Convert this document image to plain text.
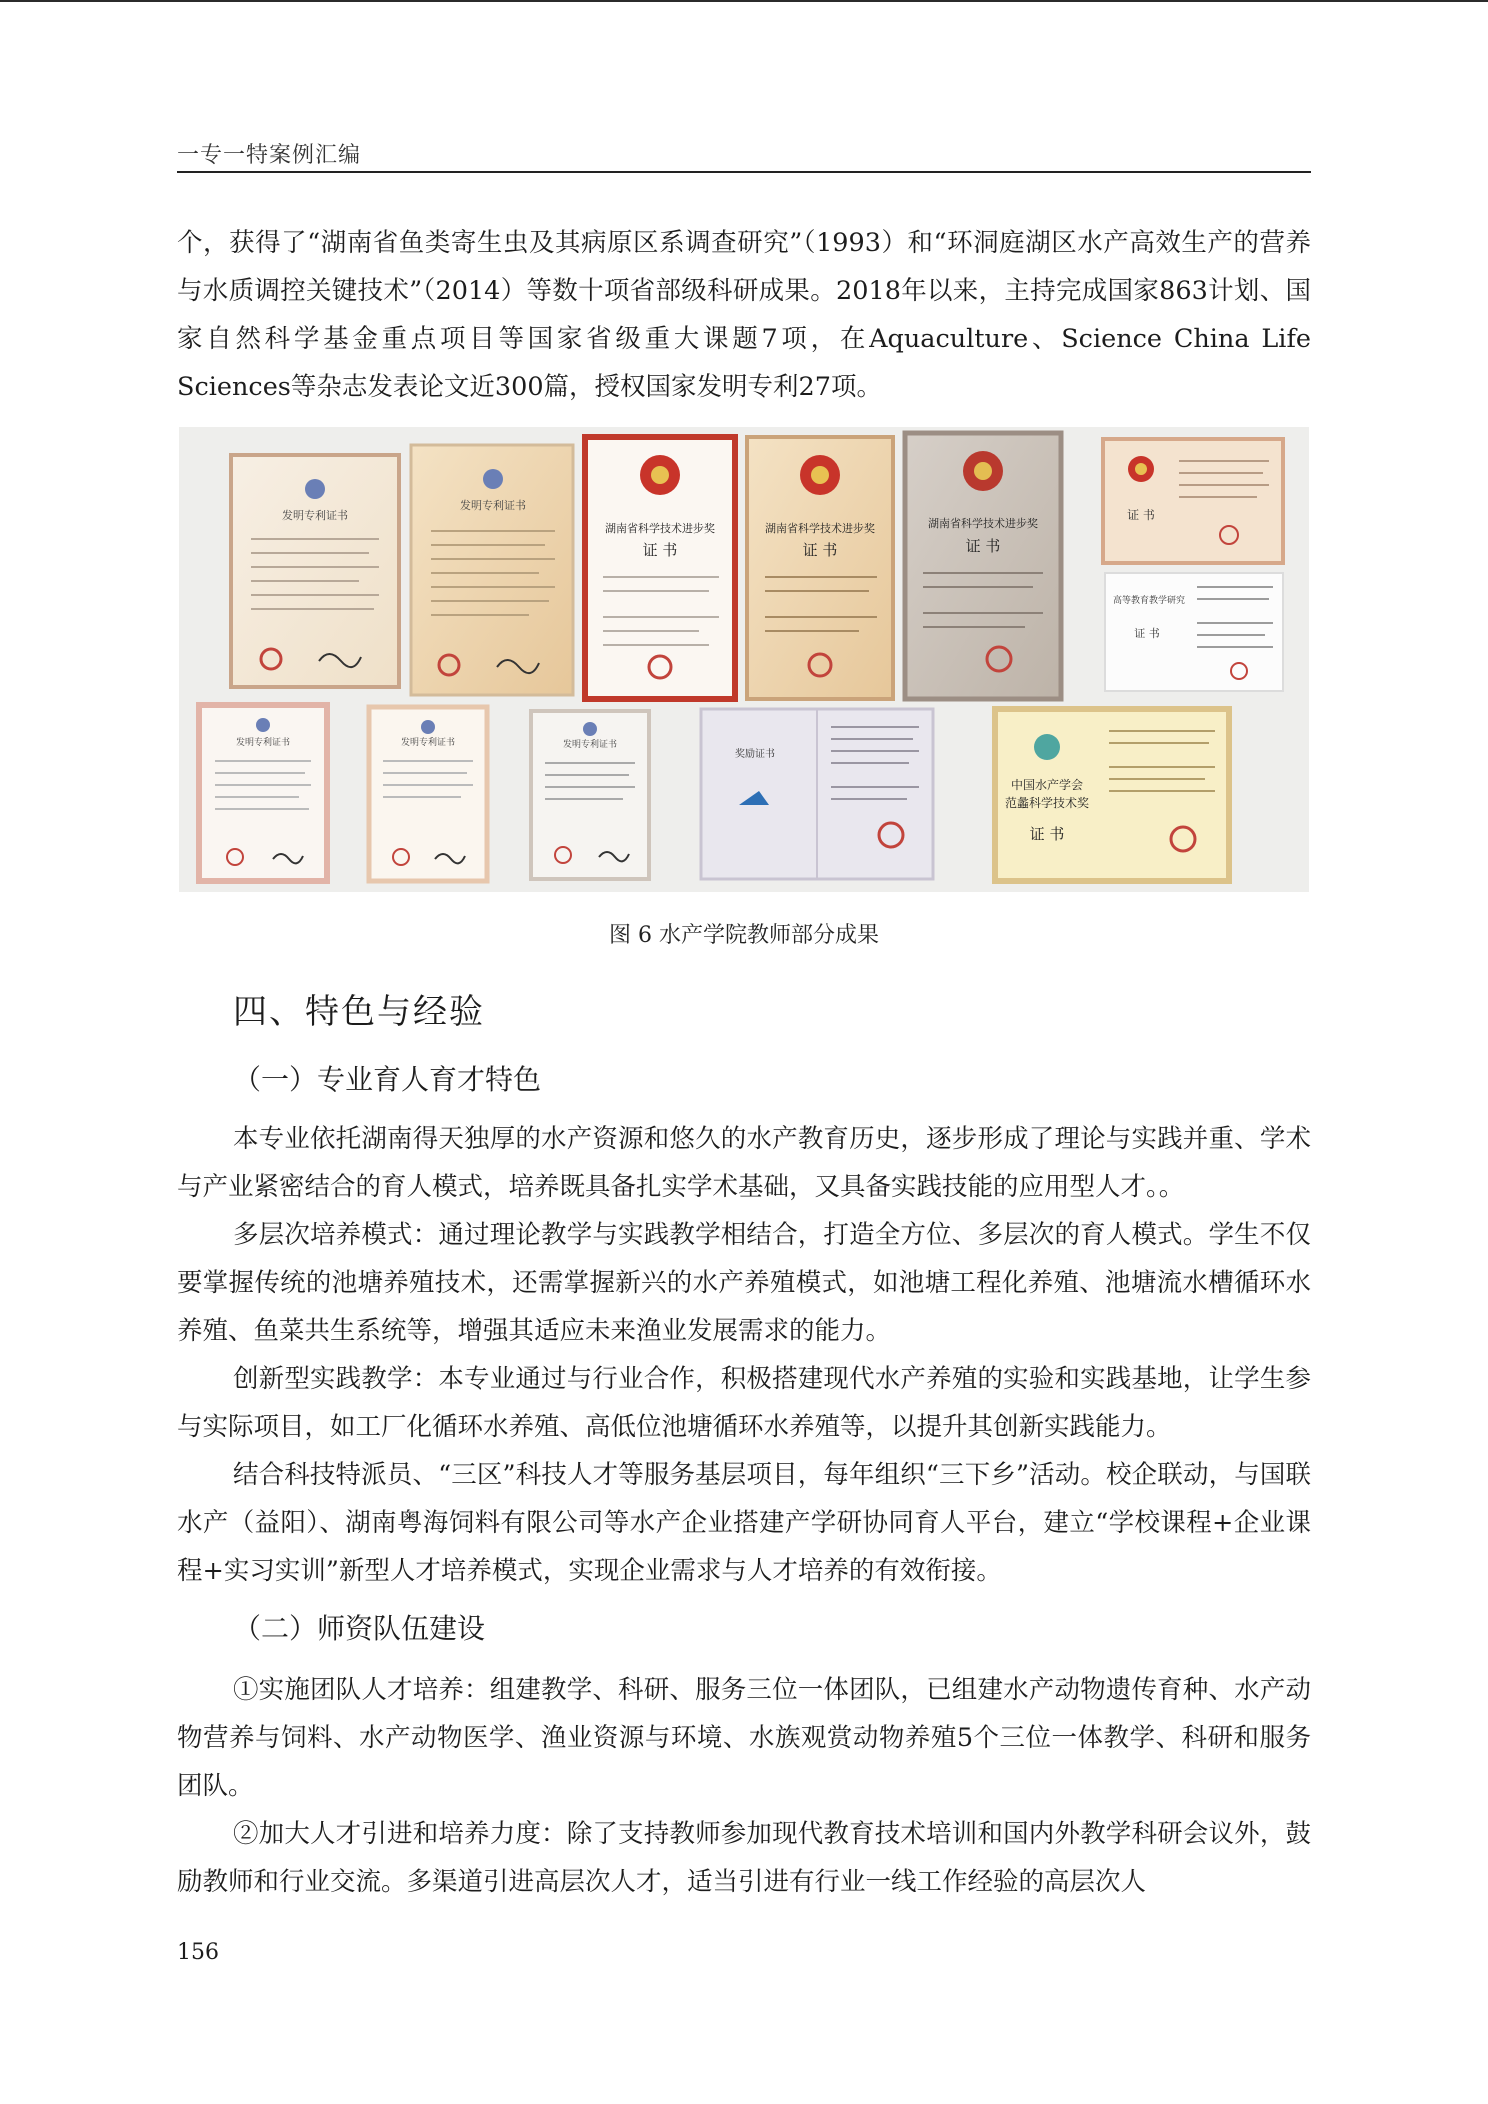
一专一特案例汇编

个，获得了“湖南省鱼类寄生虫及其病原区系调查研究”（1993）和“环洞庭湖区水产高效生产的营养与水质调控关键技术”（2014）等数十项省部级科研成果。2018年以来，主持完成国家863计划、国家自然科学基金重点项目等国家省级重大课题7项，在Aquaculture、Science China Life Sciences等杂志发表论文近300篇，授权国家发明专利27项。

发明专利证书
发明专利证书
湖南省科学技术进步奖
证 书
湖南省科学技术进步奖
证 书
湖南省科学技术进步奖
证 书
证 书
高等教育教学研究
证 书
发明专利证书	发明专利证书	发明专利证书
奖励证书
中国水产学会
范蠡科学技术奖
证 书
图 6 水产学院教师部分成果
四、特色与经验
（一）专业育人育才特色

本专业依托湖南得天独厚的水产资源和悠久的水产教育历史，逐步形成了理论与实践并重、学术与产业紧密结合的育人模式，培养既具备扎实学术基础，又具备实践技能的应用型人才。。

多层次培养模式：通过理论教学与实践教学相结合，打造全方位、多层次的育人模式。学生不仅要掌握传统的池塘养殖技术，还需掌握新兴的水产养殖模式，如池塘工程化养殖、池塘流水槽循环水养殖、鱼菜共生系统等，增强其适应未来渔业发展需求的能力。

创新型实践教学：本专业通过与行业合作，积极搭建现代水产养殖的实验和实践基地，让学生参与实际项目，如工厂化循环水养殖、高低位池塘循环水养殖等，以提升其创新实践能力。

结合科技特派员、“三区”科技人才等服务基层项目，每年组织“三下乡”活动。校企联动，与国联水产（益阳）、湖南粤海饲料有限公司等水产企业搭建产学研协同育人平台，建立“学校课程+企业课程+实习实训”新型人才培养模式，实现企业需求与人才培养的有效衔接。

（二）师资队伍建设

①实施团队人才培养：组建教学、科研、服务三位一体团队，已组建水产动物遗传育种、水产动物营养与饲料、水产动物医学、渔业资源与环境、水族观赏动物养殖5个三位一体教学、科研和服务团队。

②加大人才引进和培养力度：除了支持教师参加现代教育技术培训和国内外教学科研会议外，鼓励教师和行业交流。多渠道引进高层次人才，适当引进有行业一线工作经验的高层次人

156
